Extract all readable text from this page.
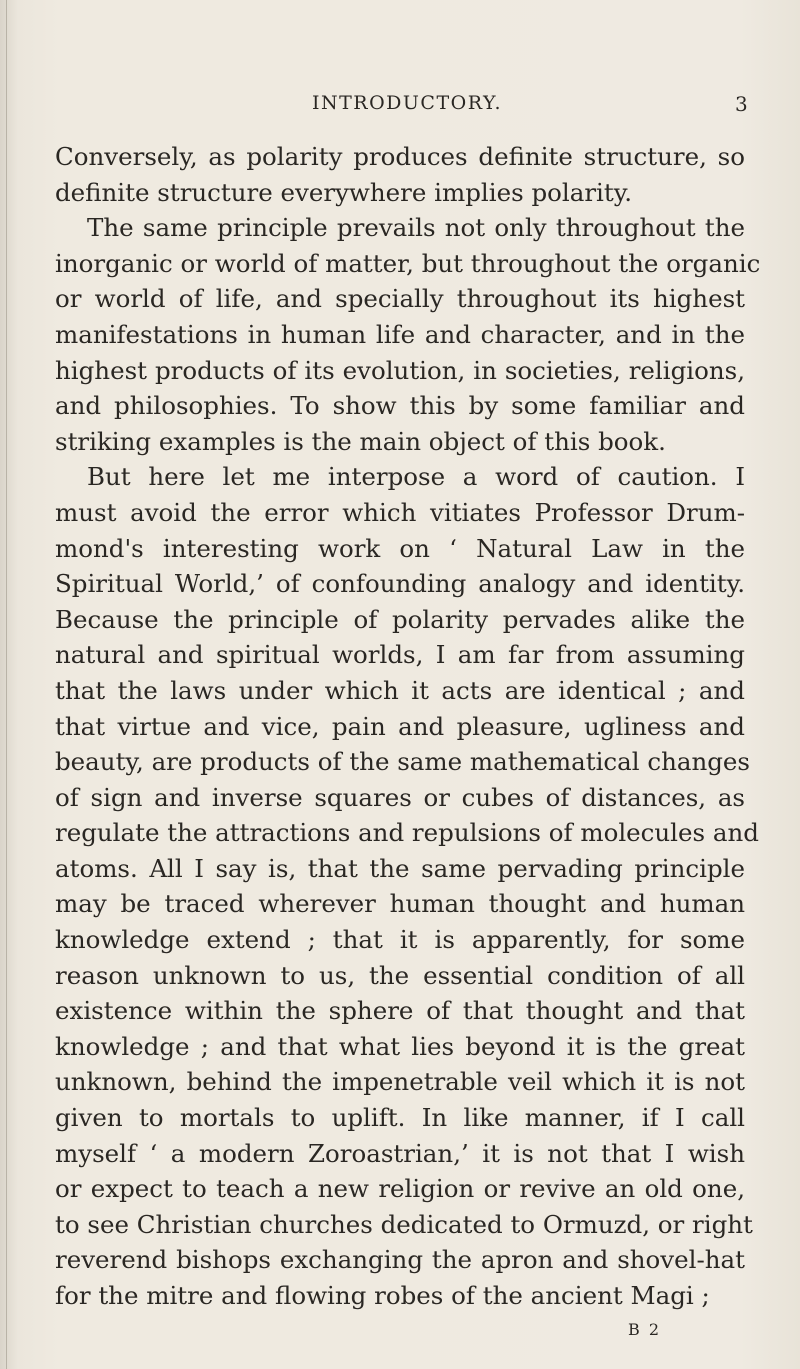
INTRODUCTORY.	3
Conversely, as polarity produces definite structure, so
definite structure everywhere implies polarity.
The same principle prevails not only throughout the
inorganic or world of matter, but throughout the organic
or world of life, and specially throughout its highest
manifestations in human life and character, and in the
highest products of its evolution, in societies, religions,
and philosophies. To show this by some familiar and
striking examples is the main object of this book.
But here let me interpose a word of caution. I
must avoid the error which vitiates Professor Drum-
mond's interesting work on ‘ Natural Law in the
Spiritual World,’ of confounding analogy and identity.
Because the principle of polarity pervades alike the
natural and spiritual worlds, I am far from assuming
that the laws under which it acts are identical ; and
that virtue and vice, pain and pleasure, ugliness and
beauty, are products of the same mathematical changes
of sign and inverse squares or cubes of distances, as
regulate the attractions and repulsions of molecules and
atoms. All I say is, that the same pervading principle
may be traced wherever human thought and human
knowledge extend ; that it is apparently, for some
reason unknown to us, the essential condition of all
existence within the sphere of that thought and that
knowledge ; and that what lies beyond it is the great
unknown, behind the impenetrable veil which it is not
given to mortals to uplift. In like manner, if I call
myself ‘ a modern Zoroastrian,’ it is not that I wish
or expect to teach a new religion or revive an old one,
to see Christian churches dedicated to Ormuzd, or right
reverend bishops exchanging the apron and shovel-hat
for the mitre and flowing robes of the ancient Magi ;
B 2
